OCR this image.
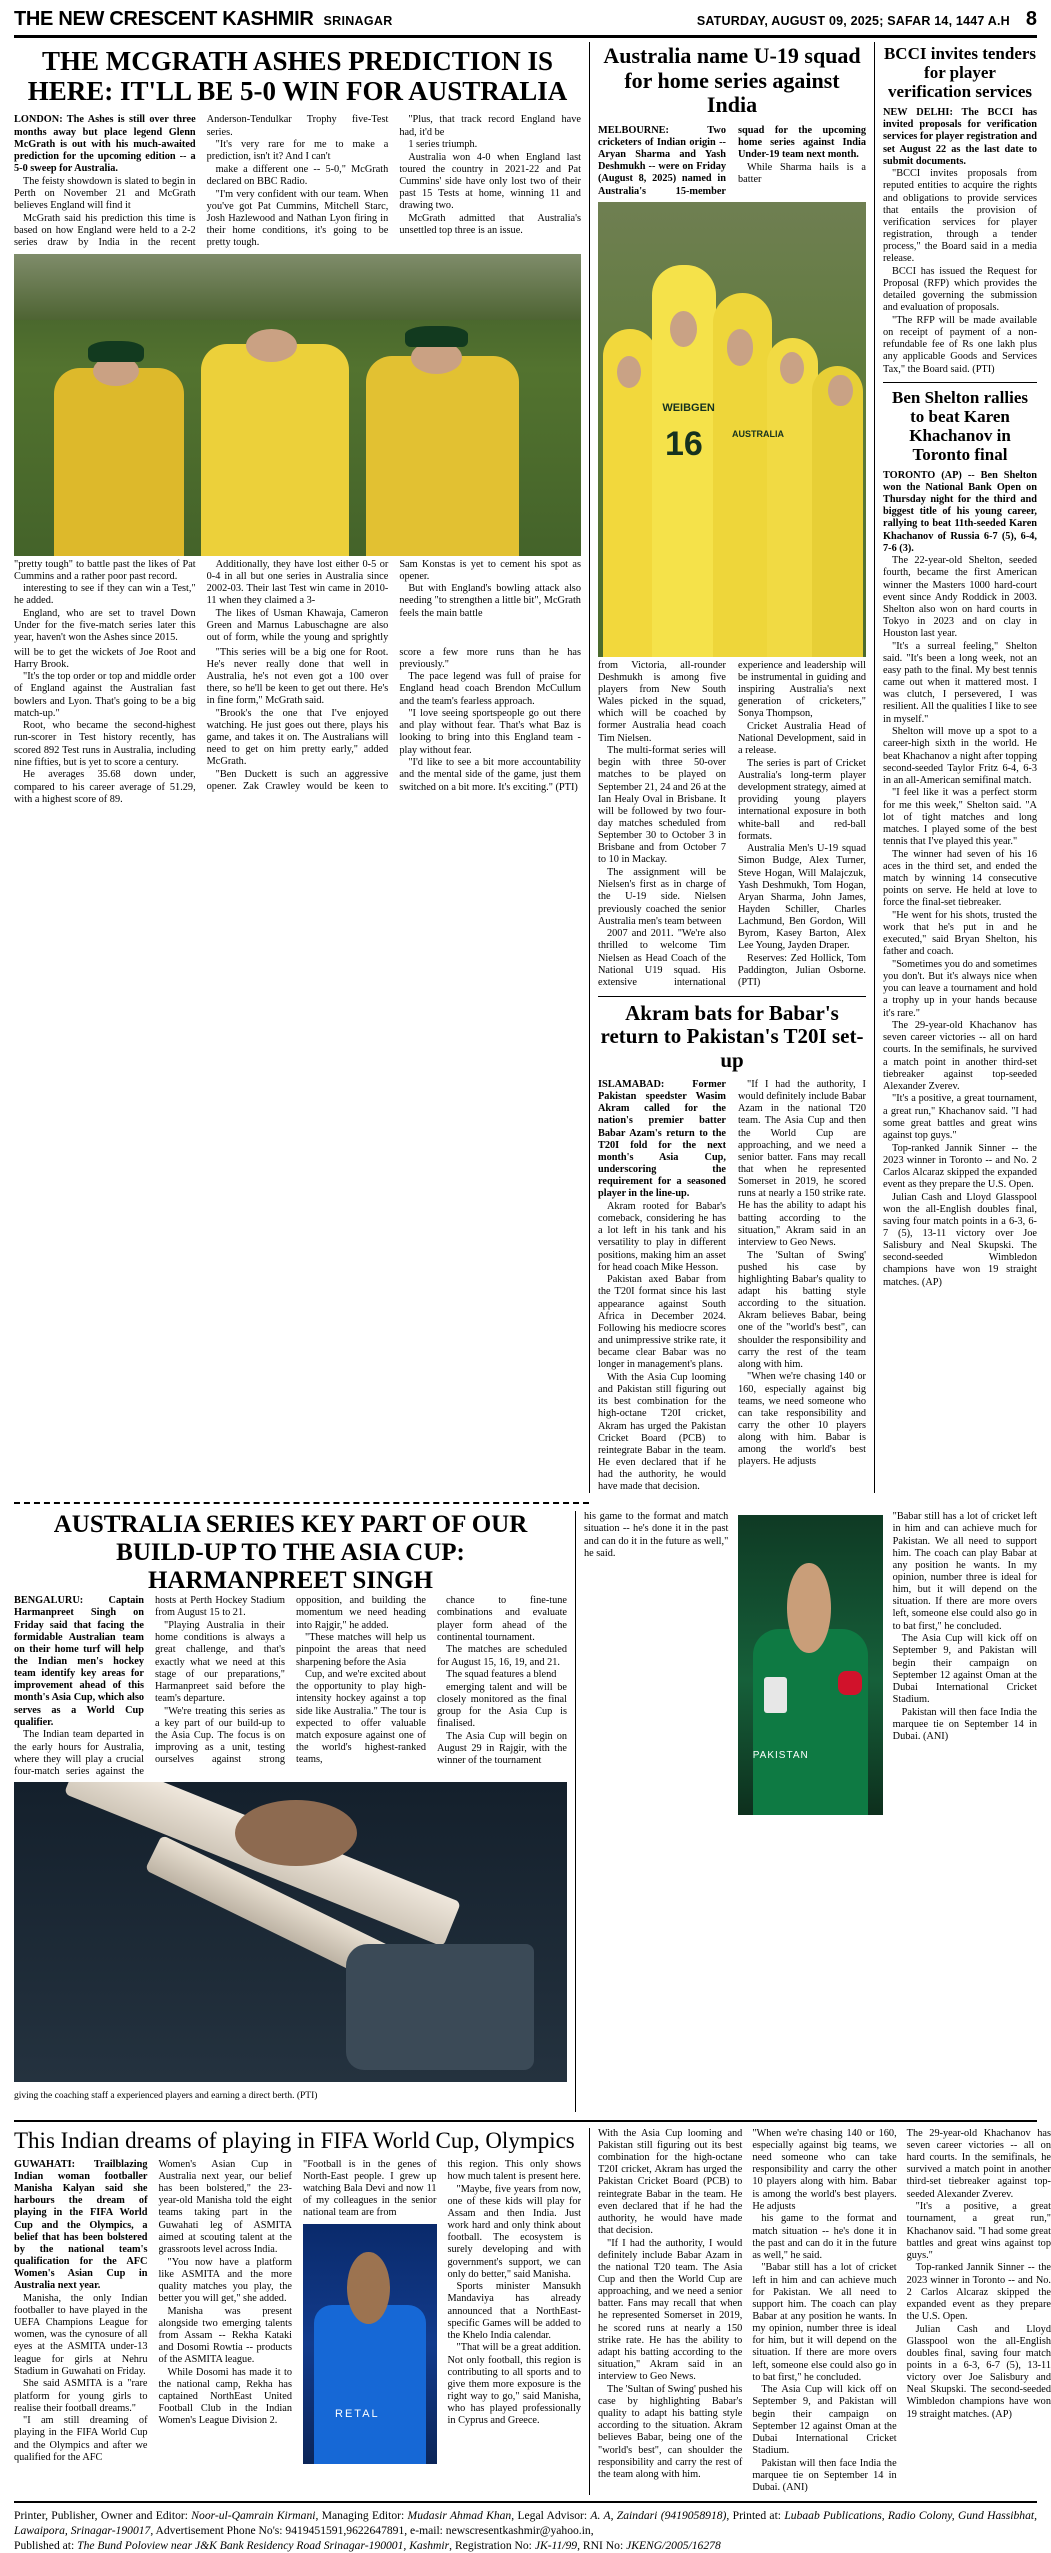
THE NEW CRESCENT KASHMIR SRINAGAR	SATURDAY, AUGUST 09, 2025; SAFAR 14, 1447 A.H 8
THE MCGRATH ASHES PREDICTION IS HERE: IT'LL BE 5-0 WIN FOR AUSTRALIA

LONDON: The Ashes is still over three months away but place legend Glenn McGrath is out with his much-awaited prediction for the upcoming edition -- a 5-0 sweep for Australia.

The feisty showdown is slated to begin in Perth on November 21 and McGrath believes England will find it

McGrath said his prediction this time is based on how England were held to a 2-2 series draw by India in the recent Anderson-Tendulkar Trophy five-Test series.

"It's very rare for me to make a prediction, isn't it? And I can't

make a different one -- 5-0," McGrath declared on BBC Radio.

"I'm very confident with our team. When you've got Pat Cummins, Mitchell Starc, Josh Hazlewood and Nathan Lyon firing in their home conditions, it's going to be pretty tough.

"Plus, that track record England have had, it'd be

1 series triumph.

Australia won 4-0 when England last toured the country in 2021-22 and Pat Cummins' side have only lost two of their past 15 Tests at home, winning 11 and drawing two.

McGrath admitted that Australia's unsettled top three is an issue.

"pretty tough" to battle past the likes of Pat Cummins and a rather poor past record.

interesting to see if they can win a Test," he added.

England, who are set to travel Down Under for the five-match series later this year, haven't won the Ashes since 2015.

Additionally, they have lost either 0-5 or 0-4 in all but one series in Australia since 2002-03. Their last Test win came in 2010-11 when they claimed a 3-

The likes of Usman Khawaja, Cameron Green and Marnus Labuschagne are also out of form, while the young and sprightly Sam Konstas is yet to cement his spot as opener.

But with England's bowling attack also needing "to strengthen a little bit", McGrath feels the main battle

will be to get the wickets of Joe Root and Harry Brook.

"It's the top order or top and middle order of England against the Australian fast bowlers and Lyon. That's going to be a big match-up."

Root, who became the second-highest run-scorer in Test history recently, has scored 892 Test runs in Australia, including nine fifties, but is yet to score a century.

He averages 35.68 down under, compared to his career average of 51.29, with a highest score of 89.

"This series will be a big one for Root. He's never really done that well in Australia, he's not even got a 100 over there, so he'll be keen to get out there. He's in fine form," McGrath said.

"Brook's the one that I've enjoyed watching. He just goes out there, plays his game, and takes it on. The Australians will need to get on him pretty early," added McGrath.

"Ben Duckett is such an aggressive opener. Zak Crawley would be keen to score a few more runs than he has previously."

The pace legend was full of praise for England head coach Brendon McCullum and the team's fearless approach.

"I love seeing sportspeople go out there and play without fear. That's what Baz is looking to bring into this England team - play without fear.

"I'd like to see a bit more accountability and the mental side of the game, just them switched on a bit more. It's exciting." (PTI)

Australia name U-19 squad for home series against India

MELBOURNE: Two cricketers of Indian origin -- Aryan Sharma and Yash Deshmukh -- were on Friday (August 8, 2025) named in Australia's 15-member squad for the upcoming home series against India Under-19 team next month.

While Sharma hails is a batter

WEIBGEN
16	AUSTRALIA

from Victoria, all-rounder Deshmukh is among five players from New South Wales picked in the squad, which will be coached by former Australia head coach Tim Nielsen.

The multi-format series will begin with three 50-over matches to be played on September 21, 24 and 26 at the Ian Healy Oval in Brisbane. It will be followed by two four-day matches scheduled from September 30 to October 3 in Brisbane and from October 7 to 10 in Mackay.

The assignment will be Nielsen's first as in charge of the U-19 side. Nielsen previously coached the senior Australia men's team between

2007 and 2011. "We're also thrilled to welcome Tim Nielsen as Head Coach of the National U19 squad. His extensive international experience and leadership will be instrumental in guiding and inspiring Australia's next generation of cricketers," Sonya Thompson,

Cricket Australia Head of National Development, said in a release.

The series is part of Cricket Australia's long-term player development strategy, aimed at providing young players international exposure in both white-ball and red-ball formats.

Australia Men's U-19 squad Simon Budge, Alex Turner, Steve Hogan, Will Malajczuk, Yash Deshmukh, Tom Hogan, Aryan Sharma, John James, Hayden Schiller, Charles Lachmund, Ben Gordon, Will Byrom, Kasey Barton, Alex Lee Young, Jayden Draper.

Reserves: Zed Hollick, Tom Paddington, Julian Osborne. (PTI)

Akram bats for Babar's return to Pakistan's T20I set-up

ISLAMABAD: Former Pakistan speedster Wasim Akram called for the nation's premier batter Babar Azam's return to the T20I fold for the next month's Asia Cup, underscoring the requirement for a seasoned player in the line-up.

Akram rooted for Babar's comeback, considering he has a lot left in his tank and his versatility to play in different positions, making him an asset for head coach Mike Hesson.

Pakistan axed Babar from the T20I format since his last appearance against South Africa in December 2024. Following his mediocre scores and unimpressive strike rate, it became clear Babar was no longer in management's plans.

With the Asia Cup looming and Pakistan still figuring out its best combination for the high-octane T20I cricket, Akram has urged the Pakistan Cricket Board (PCB) to reintegrate Babar in the team. He even declared that if he had the authority, he would have made that decision.

"If I had the authority, I would definitely include Babar Azam in the national T20 team. The Asia Cup and then the World Cup are approaching, and we need a senior batter. Fans may recall that when he represented Somerset in 2019, he scored runs at nearly a 150 strike rate. He has the ability to adapt his batting according to the situation," Akram said in an interview to Geo News.

The 'Sultan of Swing' pushed his case by highlighting Babar's quality to adapt his batting style according to the situation. Akram believes Babar, being one of the "world's best", can shoulder the responsibility and carry the rest of the team along with him.

"When we're chasing 140 or 160, especially against big teams, we need someone who can take responsibility and carry the other 10 players along with him. Babar is among the world's best players. He adjusts

BCCI invites tenders for player verification services

NEW DELHI: The BCCI has invited proposals for verification services for player registration and set August 22 as the last date to submit documents.

"BCCI invites proposals from reputed entities to acquire the rights and obligations to provide services that entails the provision of verification services for player registration, through a tender process," the Board said in a media release.

BCCI has issued the Request for Proposal (RFP) which provides the detailed governing the submission and evaluation of proposals.

"The RFP will be made available on receipt of payment of a non-refundable fee of Rs one lakh plus any applicable Goods and Services Tax," the Board said. (PTI)

Ben Shelton rallies to beat Karen Khachanov in Toronto final

TORONTO (AP) -- Ben Shelton won the National Bank Open on Thursday night for the third and biggest title of his young career, rallying to beat 11th-seeded Karen Khachanov of Russia 6-7 (5), 6-4, 7-6 (3).

The 22-year-old Shelton, seeded fourth, became the first American winner the Masters 1000 hard-court event since Andy Roddick in 2003. Shelton also won on hard courts in Tokyo in 2023 and on clay in Houston last year.

"It's a surreal feeling," Shelton said. "It's been a long week, not an easy path to the final. My best tennis came out when it mattered most. I was clutch, I persevered, I was resilient. All the qualities I like to see in myself."

Shelton will move up a spot to a career-high sixth in the world. He beat Khachanov a night after topping second-seeded Taylor Fritz 6-4, 6-3 in an all-American semifinal match.

"I feel like it was a perfect storm for me this week," Shelton said. "A lot of tight matches and long matches. I played some of the best tennis that I've played this year."

The winner had seven of his 16 aces in the third set, and ended the match by winning 14 consecutive points on serve. He held at love to force the final-set tiebreaker.

"He went for his shots, trusted the work that he's put in and he executed," said Bryan Shelton, his father and coach.

"Sometimes you do and sometimes you don't. But it's always nice when you can leave a tournament and hold a trophy up in your hands because it's rare."

The 29-year-old Khachanov has seven career victories -- all on hard courts. In the semifinals, he survived a match point in another third-set tiebreaker against top-seeded Alexander Zverev.

"It's a positive, a great tournament, a great run," Khachanov said. "I had some great battles and great wins against top guys."

Top-ranked Jannik Sinner -- the 2023 winner in Toronto -- and No. 2 Carlos Alcaraz skipped the expanded event as they prepare the U.S. Open.

Julian Cash and Lloyd Glasspool won the all-English doubles final, saving four match points in a 6-3, 6-7 (5), 13-11 victory over Joe Salisbury and Neal Skupski. The second-seeded Wimbledon champions have won 19 straight matches. (AP)

AUSTRALIA SERIES KEY PART OF OUR BUILD-UP TO THE ASIA CUP: HARMANPREET SINGH

BENGALURU: Captain Harmanpreet Singh on Friday said that facing the formidable Australian team on their home turf will help the Indian men's hockey team identify key areas for improvement ahead of this month's Asia Cup, which also serves as a World Cup qualifier.

The Indian team departed in the early hours for Australia, where they will play a crucial four-match series against the hosts at Perth Hockey Stadium from August 15 to 21.

"Playing Australia in their home conditions is always a great challenge, and that's exactly what we need at this stage of our preparations," Harmanpreet said before the team's departure.

"We're treating this series as a key part of our build-up to the Asia Cup. The focus is on improving as a unit, testing ourselves against strong opposition, and building the momentum we need heading into Rajgir," he added.

"These matches will help us pinpoint the areas that need sharpening before the Asia

Cup, and we're excited about the opportunity to play high-intensity hockey against a top side like Australia." The tour is expected to offer valuable match exposure against one of the world's highest-ranked teams,

chance to fine-tune combinations and evaluate player form ahead of the continental tournament.

The matches are scheduled for August 15, 16, 19, and 21.

The squad features a blend

emerging talent and will be closely monitored as the final group for the Asia Cup is finalised.

The Asia Cup will begin on August 29 in Rajgir, with the winner of the tournament

giving the coaching staff a experienced players and earning a direct berth. (PTI)

his game to the format and match situation -- he's done it in the past and can do it in the future as well," he said.

PAKISTAN

"Babar still has a lot of cricket left in him and can achieve much for Pakistan. We all need to support him. The coach can play Babar at any position he wants. In my opinion, number three is ideal for him, but it will depend on the situation. If there are more overs left, someone else could also go in to bat first," he concluded.

The Asia Cup will kick off on September 9, and Pakistan will begin their campaign on September 12 against Oman at the Dubai International Cricket Stadium.

Pakistan will then face India the marquee tie on September 14 in Dubai. (ANI)

This Indian dreams of playing in FIFA World Cup, Olympics

GUWAHATI: Trailblazing Indian woman footballer Manisha Kalyan said she harbours the dream of playing in the FIFA World Cup and the Olympics, a belief that has been bolstered by the national team's qualification for the AFC Women's Asian Cup in Australia next year.

Manisha, the only Indian footballer to have played in the UEFA Champions League for women, was the cynosure of all eyes at the ASMITA under-13 league for girls at Nehru Stadium in Guwahati on Friday.

She said ASMITA is a "rare platform for young girls to realise their football dreams."

"I am still dreaming of playing in the FIFA World Cup and the Olympics and after we qualified for the AFC

Women's Asian Cup in Australia next year, our belief has been bolstered," the 23-year-old Manisha told the eight teams taking part in the Guwahati leg of ASMITA aimed at scouting talent at the grassroots level across India.

"You now have a platform like ASMITA and the more quality matches you play, the better you will get," she added.

Manisha was present alongside two emerging talents from Assam -- Rekha Kataki and Dosomi Rowtia -- products of the ASMITA league.

While Dosomi has made it to the national camp, Rekha has captained NorthEast United Football Club in the Indian Women's League Division 2.

"Football is in the genes of North-East people. I grew up watching Bala Devi and now 11 of my colleagues in the senior national team are from

RETAL

this region. This only shows how much talent is present here.

"Maybe, five years from now, one of these kids will play for Assam and then India. Just work hard and only think about football. The ecosystem is surely developing and with government's support, we can only do better," said Manisha.

Sports minister Mansukh Mandaviya has already announced that a NorthEast-specific Games will be added to the Khelo India calendar.

"That will be a great addition. Not only football, this region is contributing to all sports and to give them more exposure is the right way to go," said Manisha, who has played professionally in Cyprus and Greece.

With the Asia Cup looming and Pakistan still figuring out its best combination for the high-octane T20I cricket, Akram has urged the Pakistan Cricket Board (PCB) to reintegrate Babar in the team. He even declared that if he had the authority, he would have made that decision.

"If I had the authority, I would definitely include Babar Azam in the national T20 team. The Asia Cup and then the World Cup are approaching, and we need a senior batter. Fans may recall that when he represented Somerset in 2019, he scored runs at nearly a 150 strike rate. He has the ability to adapt his batting according to the situation," Akram said in an interview to Geo News.

The 'Sultan of Swing' pushed his case by highlighting Babar's quality to adapt his batting style according to the situation. Akram believes Babar, being one of the "world's best", can shoulder the responsibility and carry the rest of the team along with him.

"When we're chasing 140 or 160, especially against big teams, we need someone who can take responsibility and carry the other 10 players along with him. Babar is among the world's best players. He adjusts

his game to the format and match situation -- he's done it in the past and can do it in the future as well," he said.

"Babar still has a lot of cricket left in him and can achieve much for Pakistan. We all need to support him. The coach can play Babar at any position he wants. In my opinion, number three is ideal for him, but it will depend on the situation. If there are more overs left, someone else could also go in to bat first," he concluded.

The Asia Cup will kick off on September 9, and Pakistan will begin their campaign on September 12 against Oman at the Dubai International Cricket Stadium.

Pakistan will then face India the marquee tie on September 14 in Dubai. (ANI)

The 29-year-old Khachanov has seven career victories -- all on hard courts. In the semifinals, he survived a match point in another third-set tiebreaker against top-seeded Alexander Zverev.

"It's a positive, a great tournament, a great run," Khachanov said. "I had some great battles and great wins against top guys."

Top-ranked Jannik Sinner -- the 2023 winner in Toronto -- and No. 2 Carlos Alcaraz skipped the expanded event as they prepare the U.S. Open.

Julian Cash and Lloyd Glasspool won the all-English doubles final, saving four match points in a 6-3, 6-7 (5), 13-11 victory over Joe Salisbury and Neal Skupski. The second-seeded Wimbledon champions have won 19 straight matches. (AP)

Printer, Publisher, Owner and Editor: Noor-ul-Qamrain Kirmani, Managing Editor: Mudasir Ahmad Khan, Legal Advisor: A. A, Zaindari (9419058918), Printed at: Lubaab Publications, Radio Colony, Gund Hassibhat, Lawaipora, Srinagar-190017, Advertisement Phone No's: 9419451591,9622647891, e-mail: newscresentkashmir@yahoo.in,
Published at: The Bund Poloview near J&K Bank Residency Road Srinagar-190001, Kashmir, Registration No: JK-11/99, RNI No: JKENG/2005/16278
